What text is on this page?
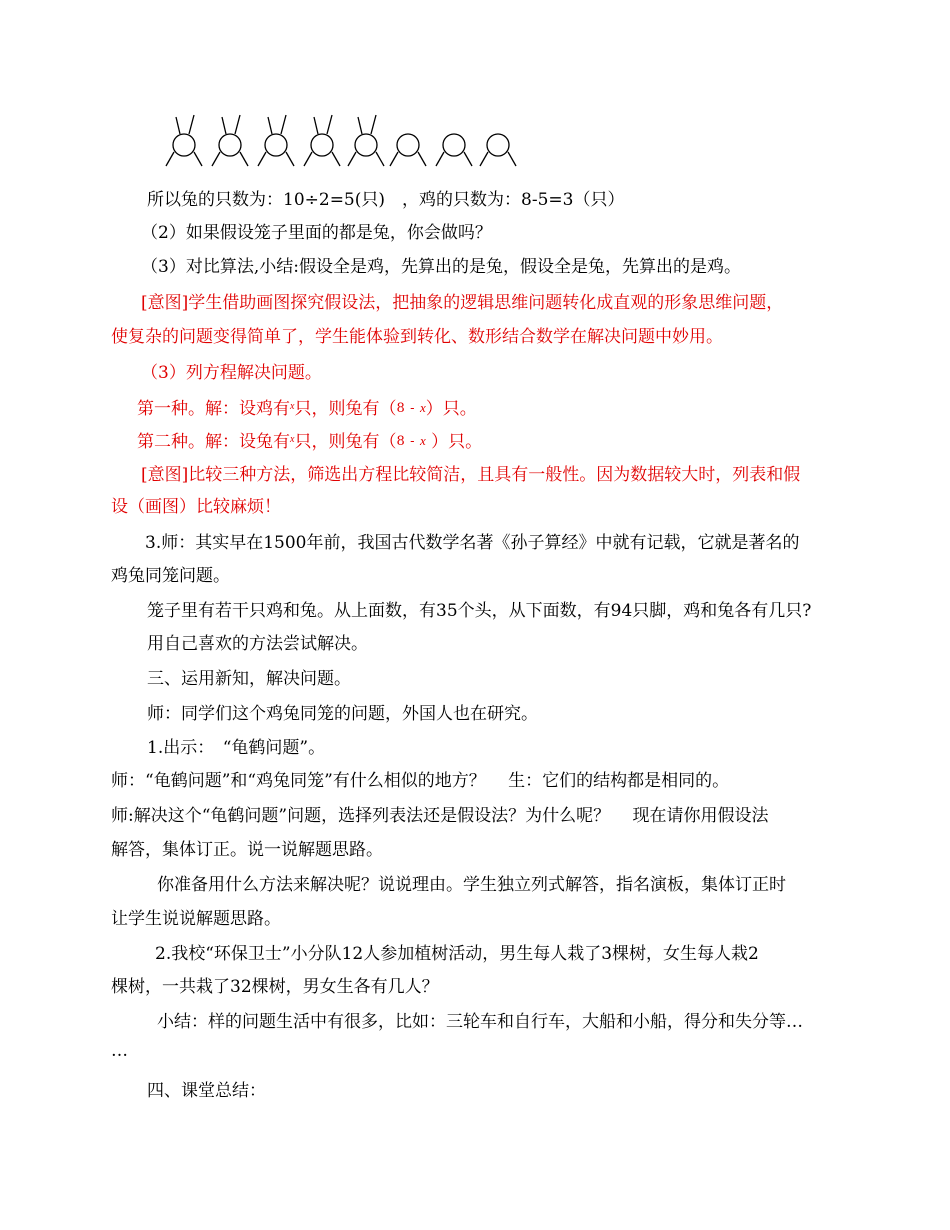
所以兔的只数为：10÷2=5(只)　，鸡的只数为：8-5=3（只）
（2）如果假设笼子里面的都是兔，你会做吗？
（3）对比算法,小结:假设全是鸡，先算出的是兔，假设全是兔，先算出的是鸡。
[意图]学生借助画图探究假设法，把抽象的逻辑思维问题转化成直观的形象思维问题，
使复杂的问题变得简单了，学生能体验到转化、数形结合数学在解决问题中妙用。
（3）列方程解决问题。
第一种。解：设鸡有$^x$只，则兔有（8 - x）只。
第二种。解：设兔有$^x$只，则兔有（8 - x ）只。
[意图]比较三种方法，筛选出方程比较简洁，且具有一般性。因为数据较大时，列表和假
设（画图）比较麻烦！
3.师：其实早在1500年前，我国古代数学名著《孙子算经》中就有记载，它就是著名的
鸡兔同笼问题。
笼子里有若干只鸡和兔。从上面数，有35个头，从下面数，有94只脚，鸡和兔各有几只?
用自己喜欢的方法尝试解决。
三、运用新知，解决问题。
师：同学们这个鸡兔同笼的问题，外国人也在研究。
1.出示：　“龟鹤问题”。
师：“龟鹤问题”和“鸡兔同笼”有什么相似的地方？　 生：它们的结构都是相同的。
师:解决这个“龟鹤问题”问题，选择列表法还是假设法？为什么呢？　 现在请你用假设法
解答，集体订正。说一说解题思路。
你准备用什么方法来解决呢？说说理由。学生独立列式解答，指名演板，集体订正时
让学生说说解题思路。
2.我校“环保卫士”小分队12人参加植树活动，男生每人栽了3棵树，女生每人栽2
棵树，一共栽了32棵树，男女生各有几人？
小结：样的问题生活中有很多，比如：三轮车和自行车，大船和小船，得分和失分等…
…
四、课堂总结：
